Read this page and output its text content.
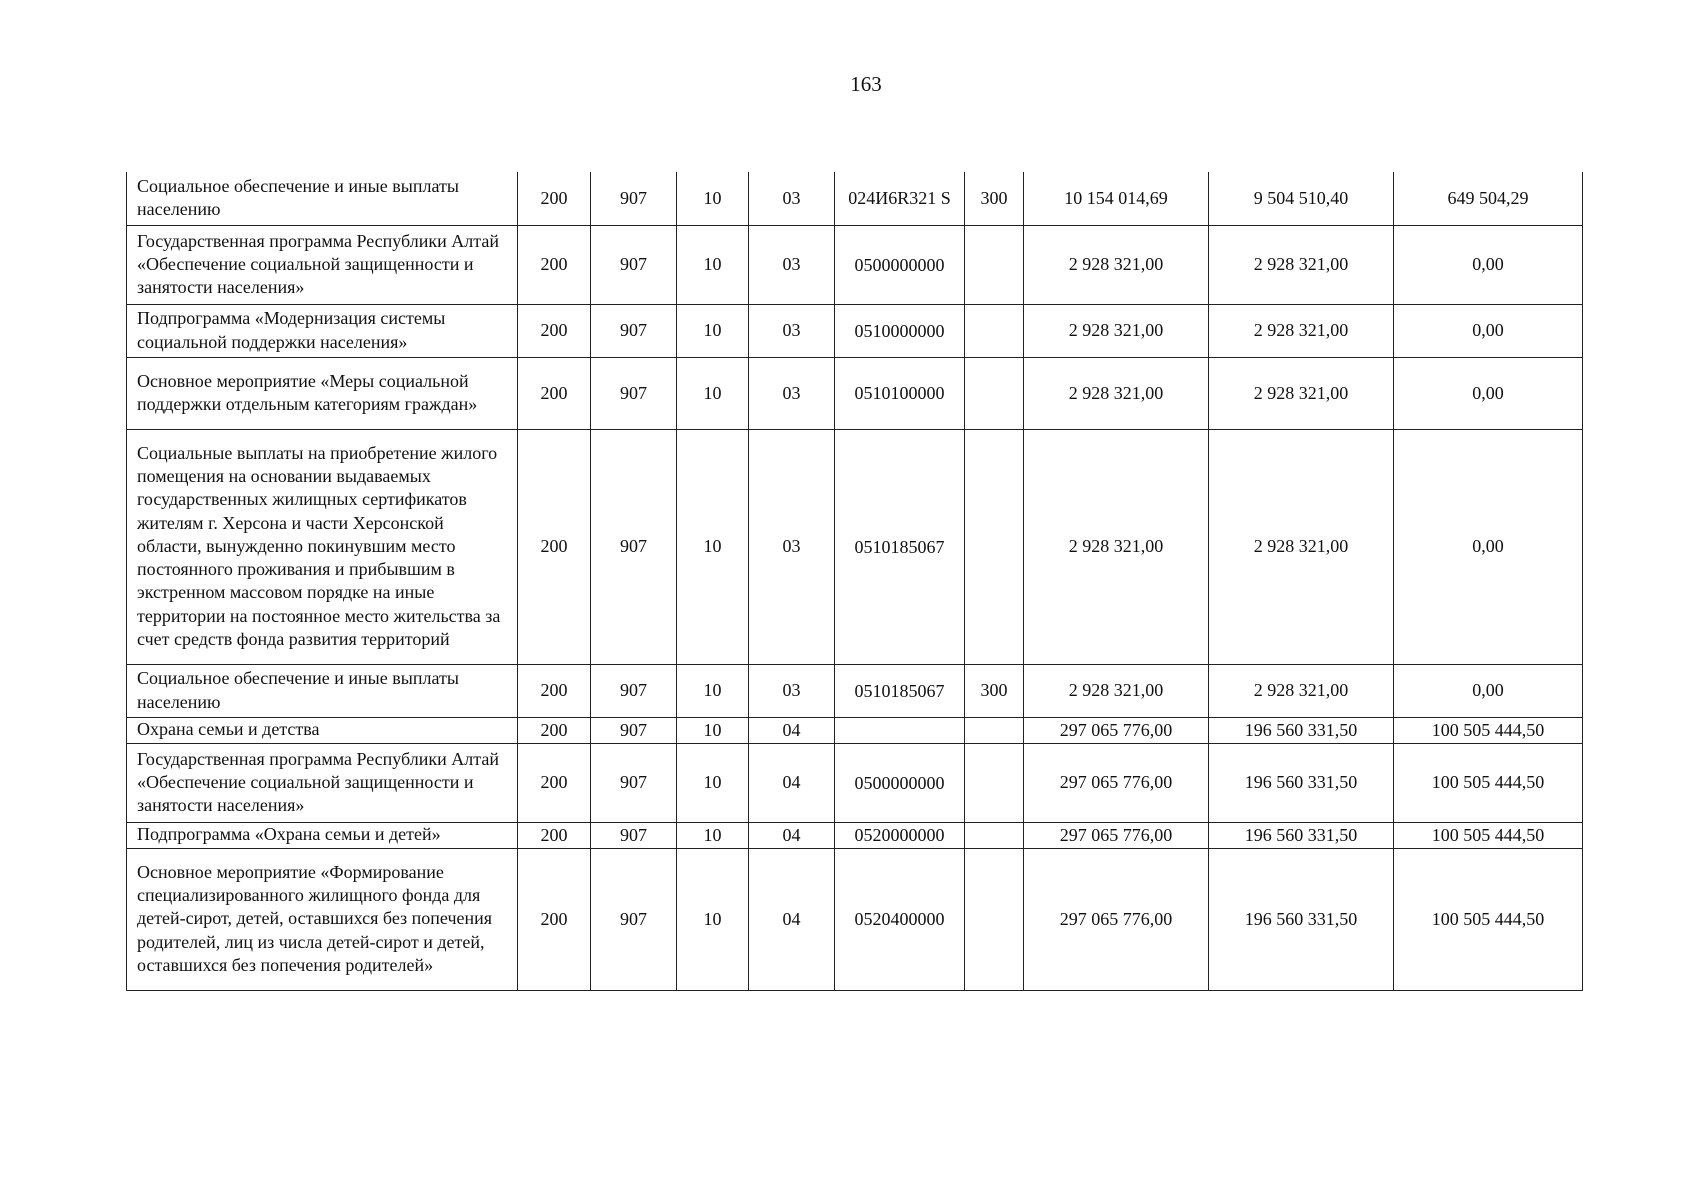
163
Социальное обеспечение и иные выплаты населению	200	907	10	03	024И6R321 S	300	10 154 014,69	9 504 510,40	649 504,29
Государственная программа Республики Алтай «Обеспечение социальной защищенности и занятости населения»	200	907	10	03	0500000000		2 928 321,00	2 928 321,00	0,00
Подпрограмма «Модернизация системы социальной поддержки населения»	200	907	10	03	0510000000		2 928 321,00	2 928 321,00	0,00
Основное мероприятие «Меры социальной поддержки отдельным категориям граждан»	200	907	10	03	0510100000		2 928 321,00	2 928 321,00	0,00
Социальные выплаты на приобретение жилого помещения на основании выдаваемых государственных жилищных сертификатов жителям г. Херсона и части Херсонской области, вынужденно покинувшим место постоянного проживания и прибывшим в экстренном массовом порядке на иные территории на постоянное место жительства за счет средств фонда развития территорий	200	907	10	03	0510185067		2 928 321,00	2 928 321,00	0,00
Социальное обеспечение и иные выплаты населению	200	907	10	03	0510185067	300	2 928 321,00	2 928 321,00	0,00
Охрана семьи и детства	200	907	10	04			297 065 776,00	196 560 331,50	100 505 444,50
Государственная программа Республики Алтай «Обеспечение социальной защищенности и занятости населения»	200	907	10	04	0500000000		297 065 776,00	196 560 331,50	100 505 444,50
Подпрограмма «Охрана семьи и детей»	200	907	10	04	0520000000		297 065 776,00	196 560 331,50	100 505 444,50
Основное мероприятие «Формирование специализированного жилищного фонда для детей-сирот, детей, оставшихся без попечения родителей, лиц из числа детей-сирот и детей, оставшихся без попечения родителей»	200	907	10	04	0520400000		297 065 776,00	196 560 331,50	100 505 444,50
